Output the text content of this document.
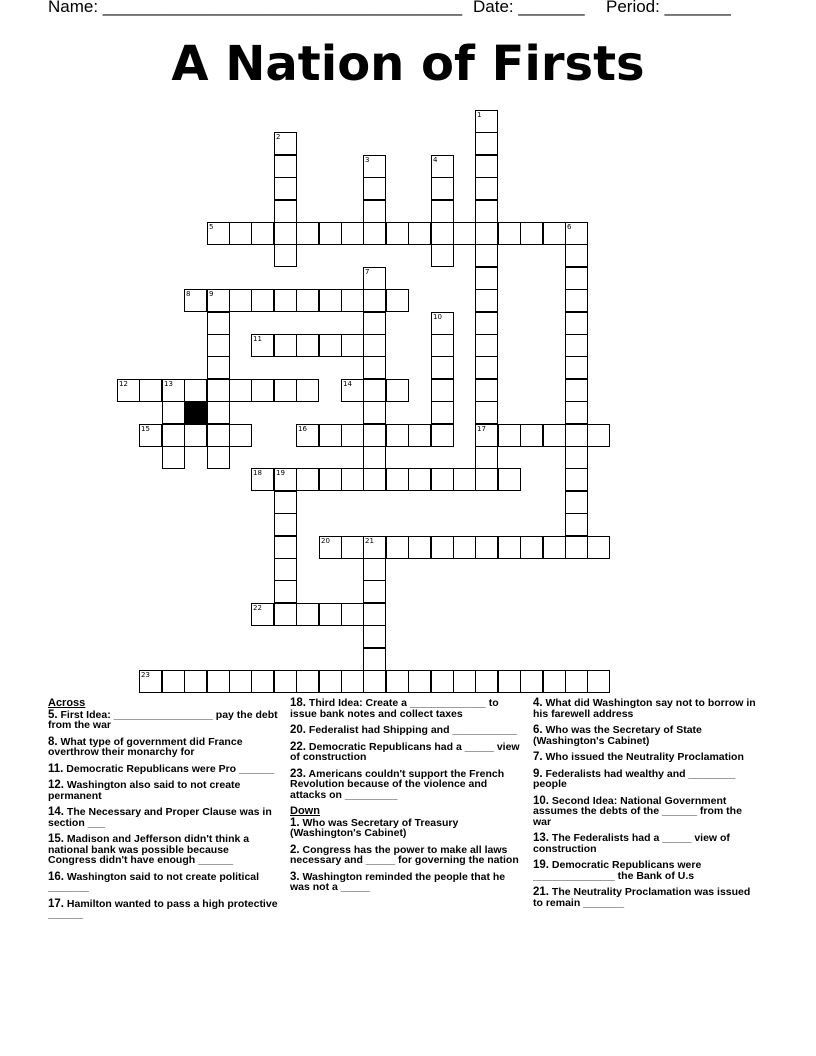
Name: ______________________________________ Date: _______ Period: _______
A Nation of Firsts
1
17
2
3	4
5	6
7
8	9
10
11
12	13	14
15	16
18 19
20	21
22
23
Across
5. First Idea: _________________ pay the debt from the war
8. What type of government did France overthrow their monarchy for
11. Democratic Republicans were Pro ______
12. Washington also said to not create permanent
14. The Necessary and Proper Clause was in section ___
15. Madison and Jefferson didn't think a national bank was possible because Congress didn't have enough ______
16. Washington said to not create political _______
17. Hamilton wanted to pass a high protective ______
18. Third Idea: Create a _____________ to issue bank notes and collect taxes
20. Federalist had Shipping and ___________
22. Democratic Republicans had a _____ view of construction
23. Americans couldn't support the French Revolution because of the violence and attacks on _________
Down
1. Who was Secretary of Treasury (Washington's Cabinet)
2. Congress has the power to make all laws necessary and _____ for governing the nation
3. Washington reminded the people that he was not a _____
4. What did Washington say not to borrow in his farewell address
6. Who was the Secretary of State (Washington's Cabinet)
7. Who issued the Neutrality Proclamation
9. Federalists had wealthy and ________ people
10. Second Idea: National Government assumes the debts of the ______ from the war
13. The Federalists had a _____ view of construction
19. Democratic Republicans were ______________ the Bank of U.s
21. The Neutrality Proclamation was issued to remain _______
